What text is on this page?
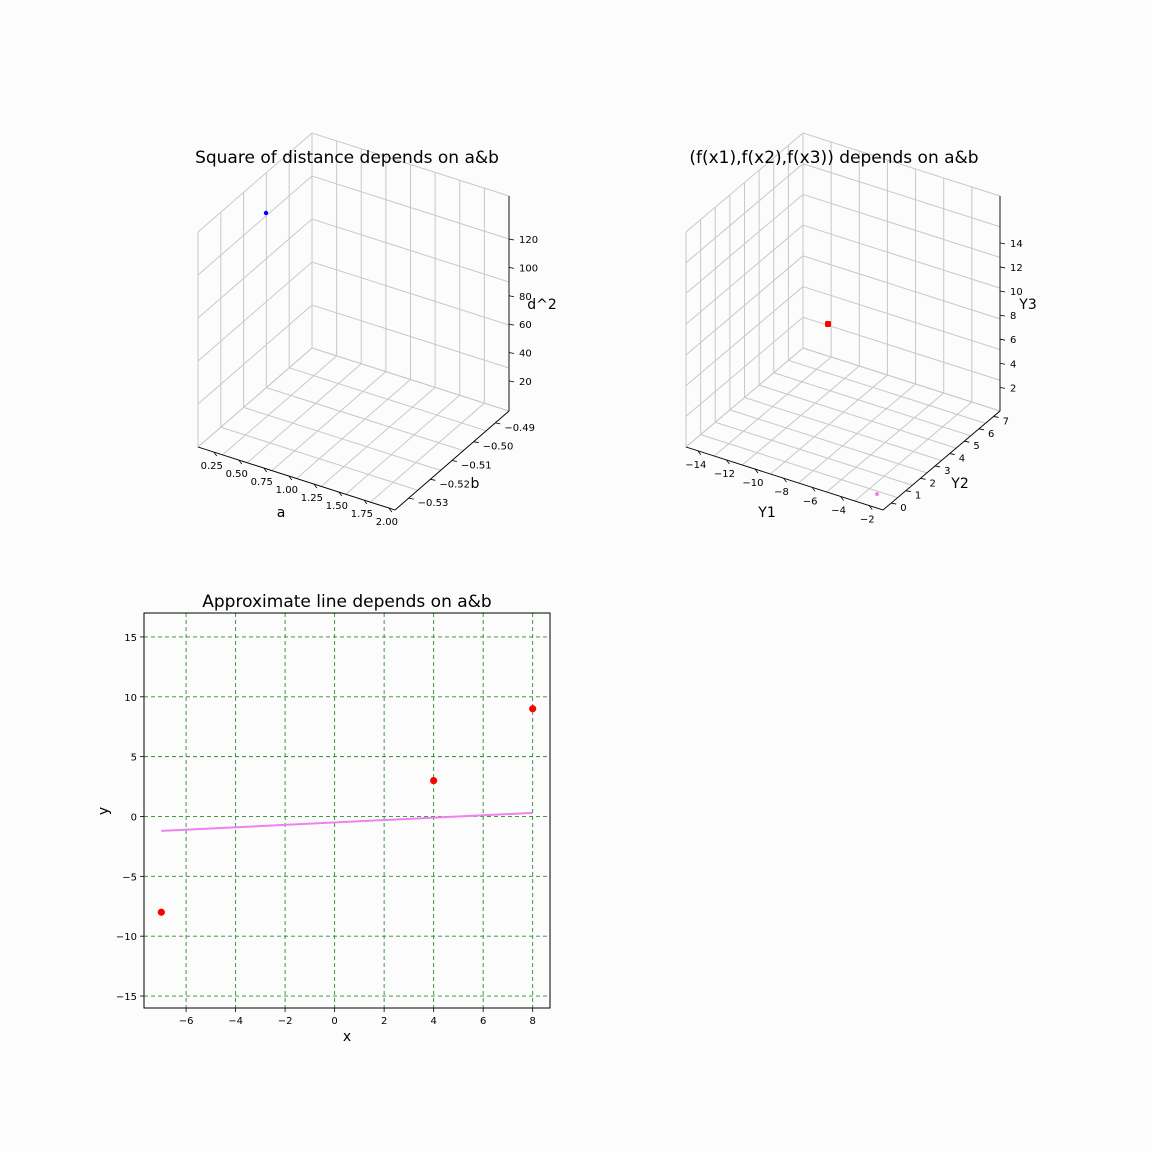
0.25
0.50
0.75
1.00
1.25
1.50
1.75
2.00
−0.53
−0.52
−0.51
−0.50
−0.49
20
40
60
80
100
120
a
b
d^2
Square of distance depends on a&b
−14
−12
−10
−8
−6
−4
−2
0
1
2
3
4
5
6
7
2
4
6
8
10
12
14
Y1
Y2
Y3
(f(x1),f(x2),f(x3)) depends on a&b
−6	−4	−2	0	2	4	6	8
−15
−10
−5
0
5
10
15
Approximate line depends on a&b
x
y
